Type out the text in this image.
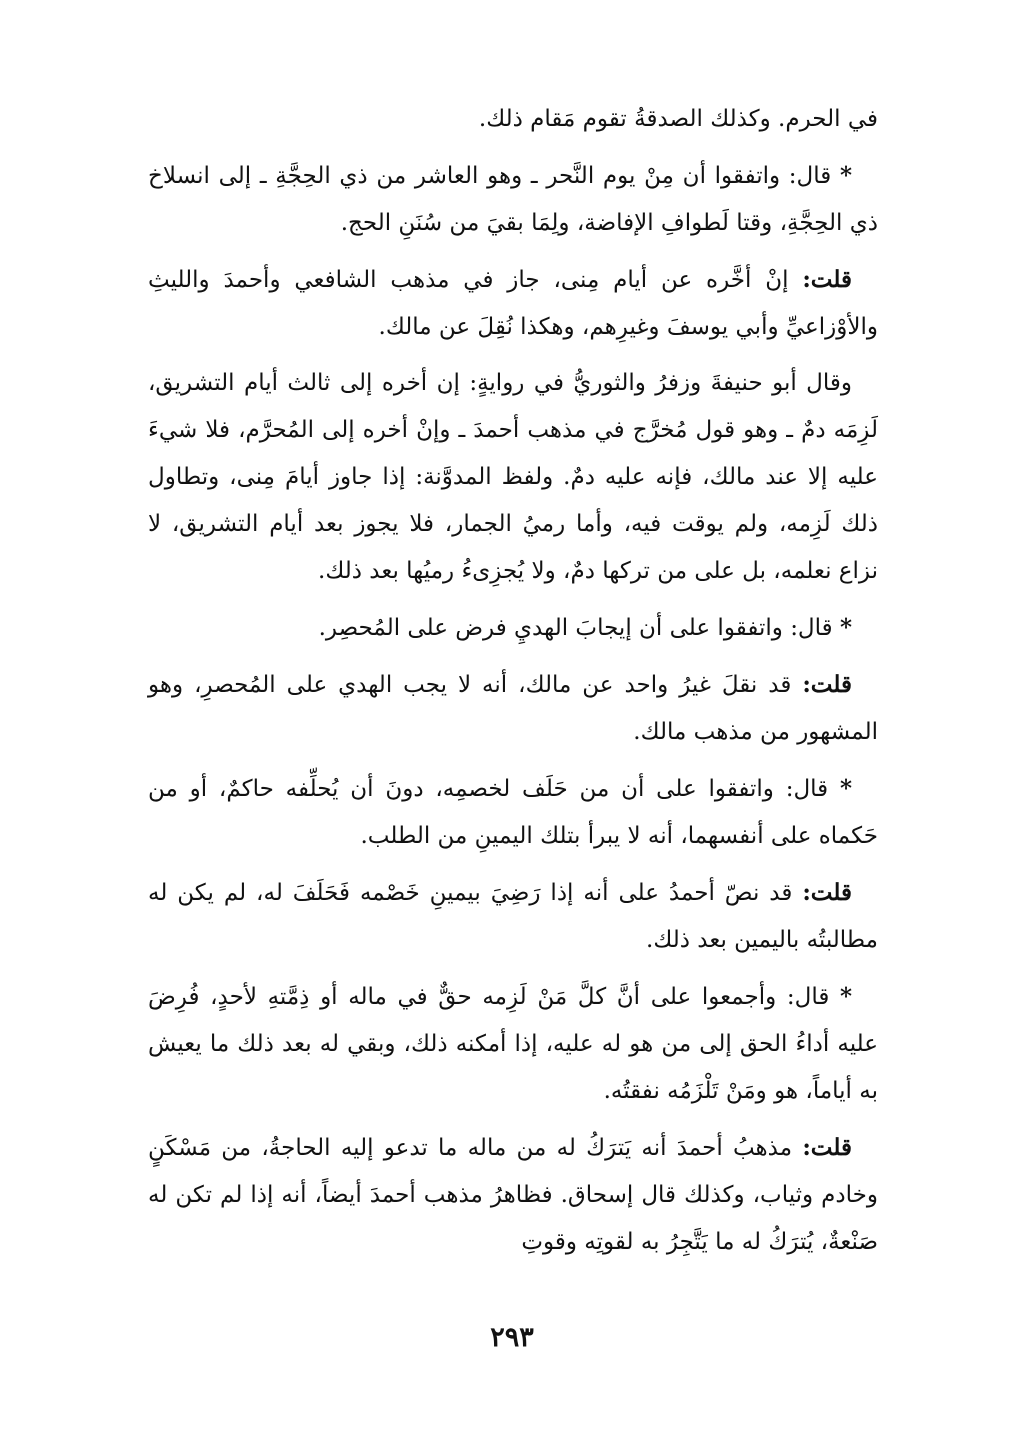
في الحرم. وكذلك الصدقةُ تقوم مَقام ذلك.

* قال: واتفقوا أن مِنْ يوم النَّحر ـ وهو العاشر من ذي الحِجَّةِ ـ إلى انسلاخ ذي الحِجَّةِ، وقتا لَطوافِ الإفاضة، ولِمَا بقيَ من سُنَنِ الحج.

قلت: إنْ أخَّره عن أيام مِنى، جاز في مذهب الشافعي وأحمدَ والليثِ والأوْزاعيِّ وأبي يوسفَ وغيرِهم، وهكذا نُقِلَ عن مالك.

وقال أبو حنيفةَ وزفرُ والثوريُّ في روايةٍ: إن أخره إلى ثالث أيام التشريق، لَزِمَه دمٌ ـ وهو قول مُخرَّج في مذهب أحمدَ ـ وإنْ أخره إلى المُحرَّم، فلا شيءَ عليه إلا عند مالك، فإنه عليه دمٌ. ولفظ المدوَّنة: إذا جاوز أيامَ مِنى، وتطاول ذلك لَزِمه، ولم يوقت فيه، وأما رميُ الجمار، فلا يجوز بعد أيام التشريق، لا نزاع نعلمه، بل على من تركها دمٌ، ولا يُجزِىءُ رميُها بعد ذلك.

* قال: واتفقوا على أن إيجابَ الهديِ فرض على المُحصِر.

قلت: قد نقلَ غيرُ واحد عن مالك، أنه لا يجب الهدي على المُحصرِ، وهو المشهور من مذهب مالك.

* قال: واتفقوا على أن من حَلَف لخصمِه، دونَ أن يُحلِّفه حاكمٌ، أو من حَكماه على أنفسهما، أنه لا يبرأ بتلك اليمينِ من الطلب.

قلت: قد نصّ أحمدُ على أنه إذا رَضِيَ بيمينِ خَصْمه فَحَلَفَ له، لم يكن له مطالبتُه باليمين بعد ذلك.

* قال: وأجمعوا على أنَّ كلَّ مَنْ لَزِمه حقٌّ في ماله أو ذِمَّتهِ لأحدٍ، فُرِضَ عليه أداءُ الحق إلى من هو له عليه، إذا أمكنه ذلك، وبقي له بعد ذلك ما يعيش به أياماً، هو ومَنْ تَلْزَمُه نفقتُه.

قلت: مذهبُ أحمدَ أنه يَترَكُ له من ماله ما تدعو إليه الحاجةُ، من مَسْكَنٍ وخادم وثياب، وكذلك قال إسحاق. فظاهرُ مذهب أحمدَ أيضاً، أنه إذا لم تكن له صَنْعةٌ، يُترَكُ له ما يَتَّجِرُ به لقوتِه وقوتِ

٢٩٣
